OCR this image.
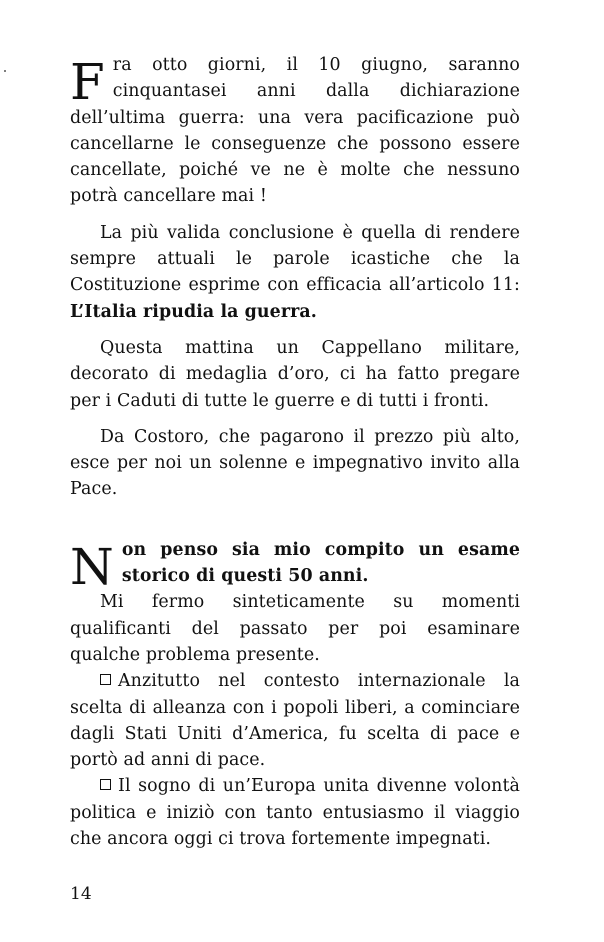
Fra otto giorni, il 10 giugno, saranno cinquantasei anni dalla dichiarazione dell’ultima guerra: una vera pacificazione può cancellarne le conseguenze che possono essere cancellate, poiché ve ne è molte che nessuno potrà cancellare mai !

La più valida conclusione è quella di rendere sempre attuali le parole icastiche che la Costituzione esprime con efficacia all’articolo 11: L’Italia ripudia la guerra.

Questa mattina un Cappellano militare, decorato di medaglia d’oro, ci ha fatto pregare per i Caduti di tutte le guerre e di tutti i fronti.

Da Costoro, che pagarono il prezzo più alto, esce per noi un solenne e impegnativo invito alla Pace.

Non penso sia mio compito un esame storico di questi 50 anni.

Mi fermo sinteticamente su momenti qualificanti del passato per poi esaminare qualche problema presente.

Anzitutto nel contesto internazionale la scelta di alleanza con i popoli liberi, a cominciare dagli Stati Uniti d’America, fu scelta di pace e portò ad anni di pace.

Il sogno di un’Europa unita divenne volontà politica e iniziò con tanto entusiasmo il viaggio che ancora oggi ci trova fortemente impegnati.

14
